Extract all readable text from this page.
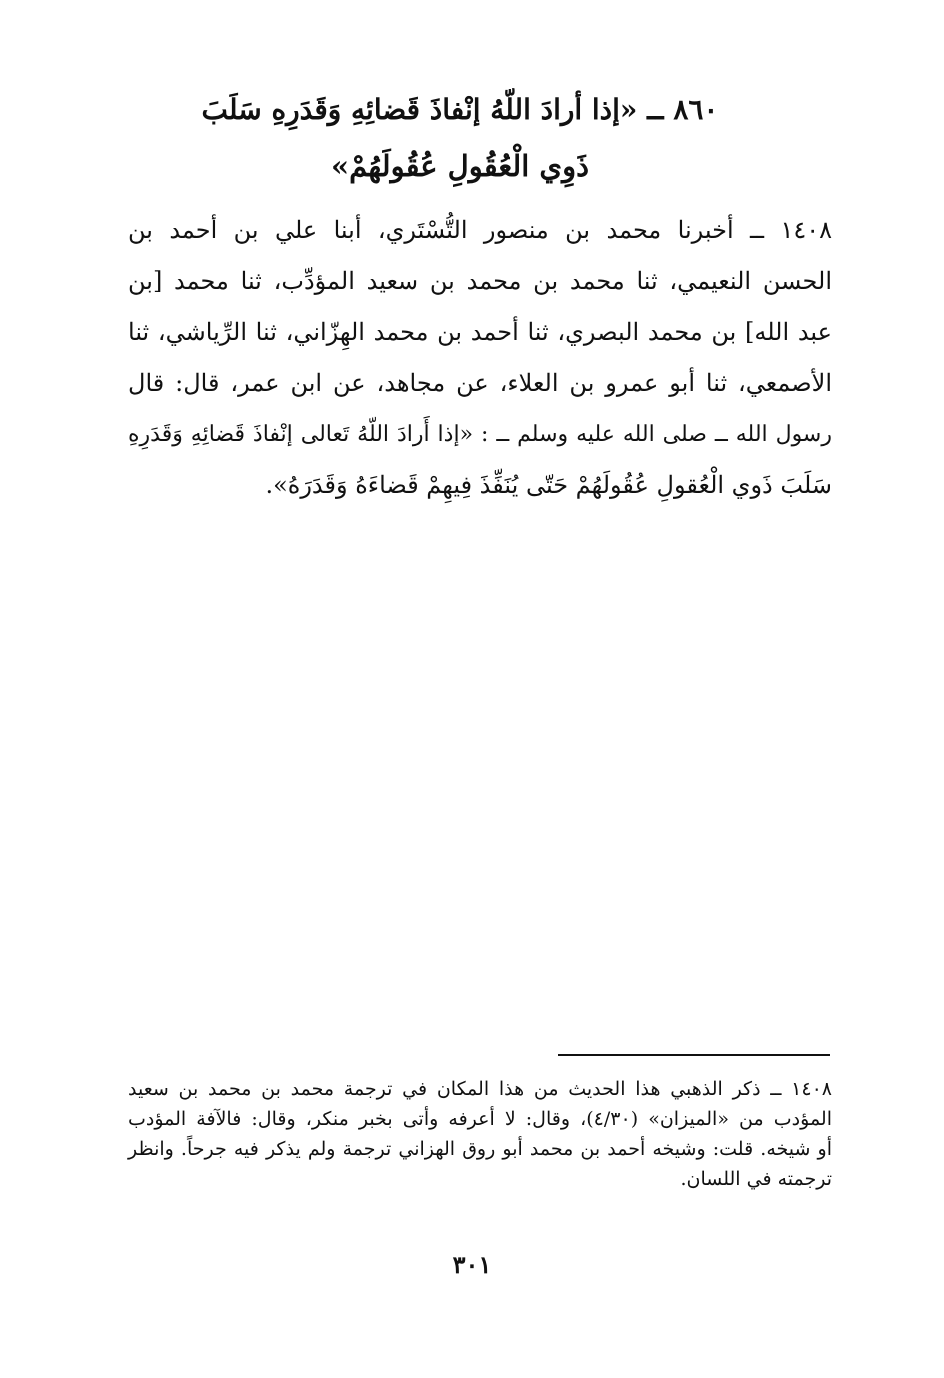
٨٦٠ ــ «إذا أرادَ اللّهُ إنْفاذَ قَضائِهِ وَقَدَرِهِ سَلَبَ
ذَوِي الْعُقُولِ عُقُولَهُمْ»
١٤٠٨ ــ أخبرنا محمد بن منصور التُّسْتَري، أبنا علي بن أحمد بن
الحسن النعيمي، ثنا محمد بن محمد بن سعيد المؤدِّب، ثنا محمد [بن
عبد الله] بن محمد البصري، ثنا أحمد بن محمد الهِزّاني، ثنا الرِّياشي، ثنا
الأصمعي، ثنا أبو عمرو بن العلاء، عن مجاهد، عن ابن عمر، قال: قال
رسول الله ــ صلى الله عليه وسلم ــ : «إذا أَرادَ اللّهُ تَعالى إنْفاذَ قَضائِهِ وَقَدَرِهِ
سَلَبَ ذَوي الْعُقولِ عُقُولَهُمْ حَتّى يُنَفِّذَ فِيهِمْ قَضاءَهُ وَقَدَرَهُ».
١٤٠٨ ــ ذكر الذهبي هذا الحديث من هذا المكان في ترجمة محمد بن محمد بن سعيد
المؤدب من «الميزان» (٤/٣٠)، وقال: لا أعرفه وأتى بخبر منكر، وقال: فالآفة المؤدب
أو شيخه. قلت: وشيخه أحمد بن محمد أبو روق الهزاني ترجمة ولم يذكر فيه جرحاً. وانظر
ترجمته في اللسان.
٣٠١
